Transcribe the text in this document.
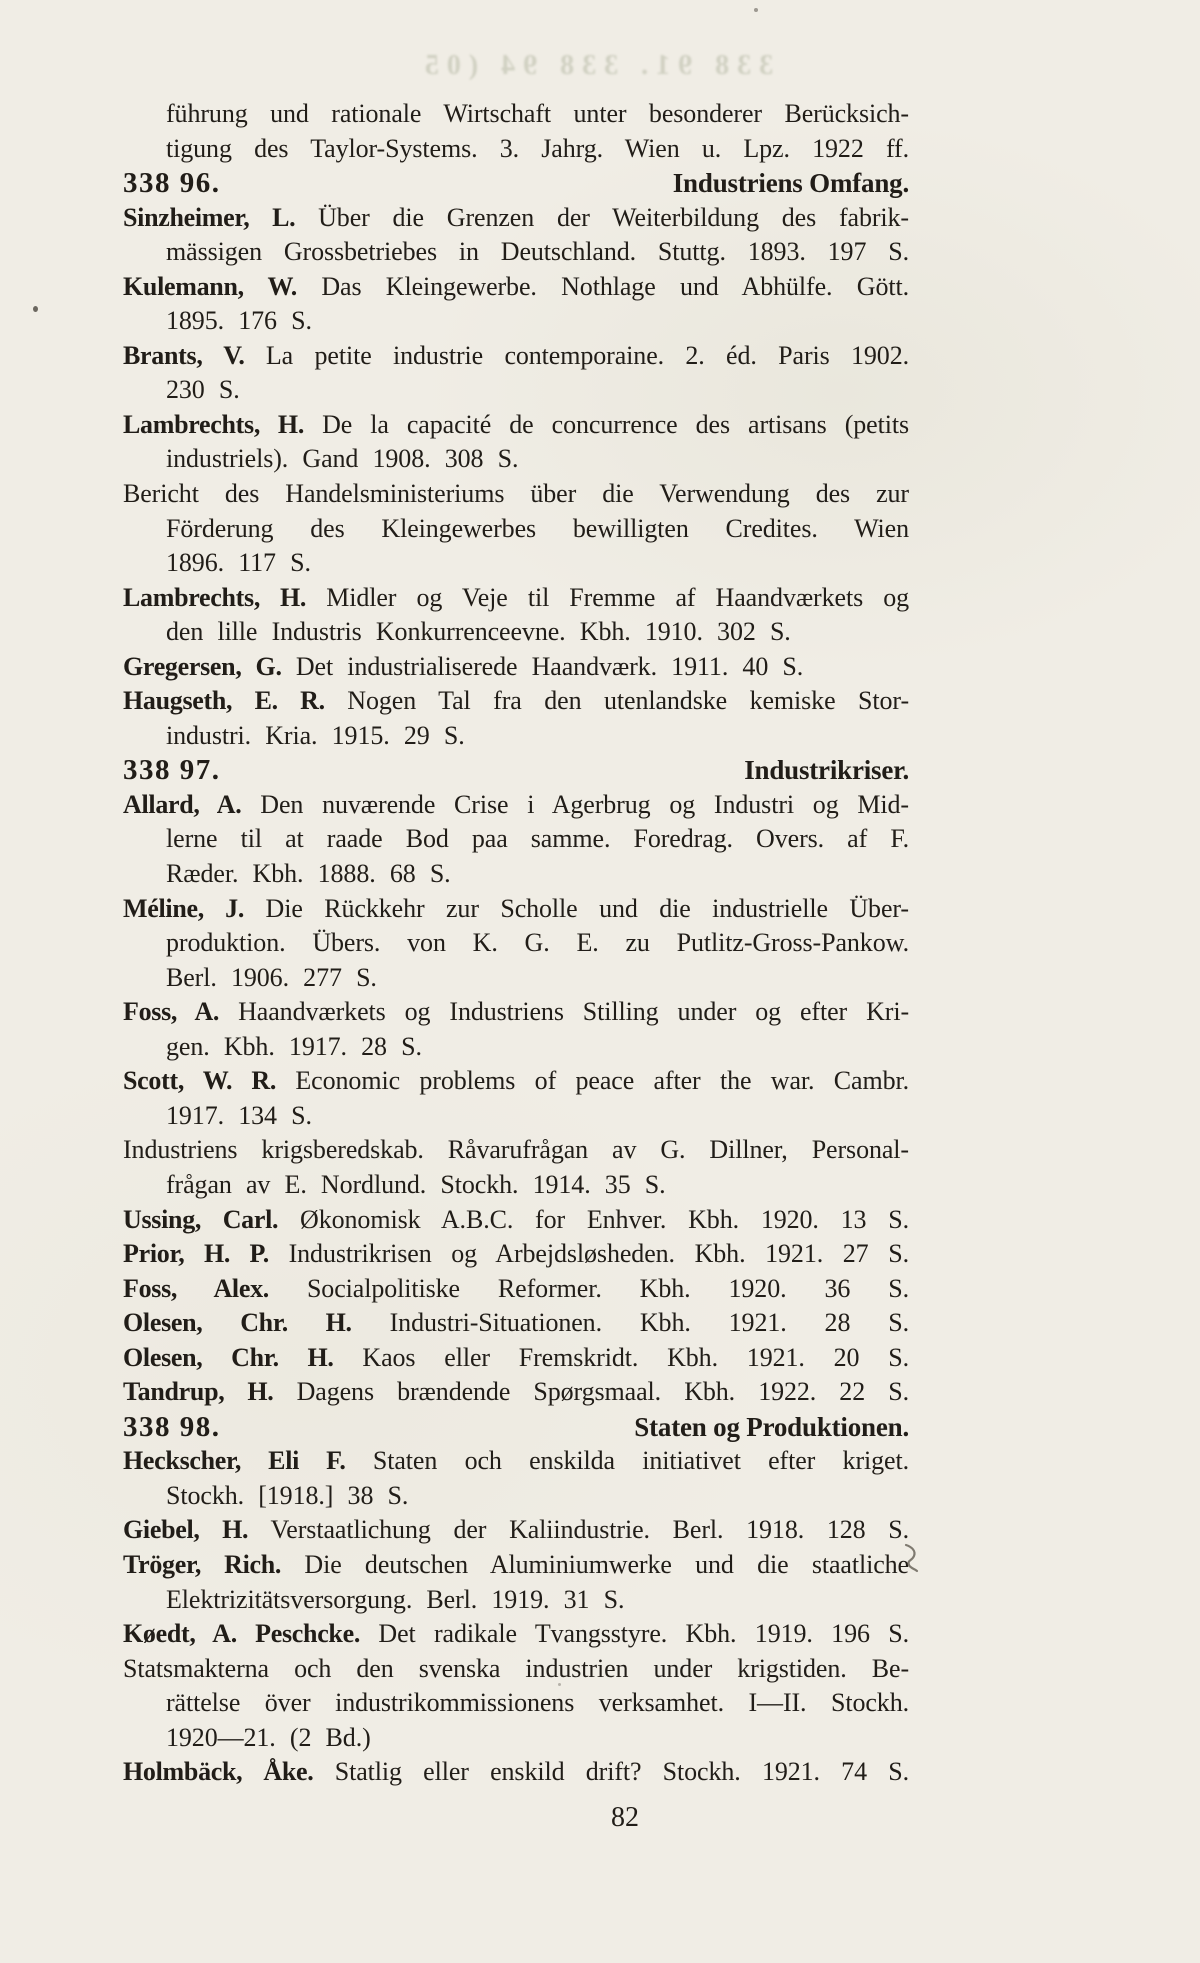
338 91. 338 94 (05
führung und rationale Wirtschaft unter besonderer Berücksich-
tigung des Taylor-Systems. 3. Jahrg. Wien u. Lpz. 1922 ff.
338 96.	Industriens Omfang.
Sinzheimer, L. Über die Grenzen der Weiterbildung des fabrik-
mässigen Grossbetriebes in Deutschland. Stuttg. 1893. 197 S.
Kulemann, W. Das Kleingewerbe. Nothlage und Abhülfe. Gött.
1895. 176 S.
Brants, V. La petite industrie contemporaine. 2. éd. Paris 1902.
230 S.
Lambrechts, H. De la capacité de concurrence des artisans (petits
industriels). Gand 1908. 308 S.
Bericht des Handelsministeriums über die Verwendung des zur
Förderung des Kleingewerbes bewilligten Credites. Wien
1896. 117 S.
Lambrechts, H. Midler og Veje til Fremme af Haandværkets og
den lille Industris Konkurrenceevne. Kbh. 1910. 302 S.
Gregersen, G. Det industrialiserede Haandværk. 1911. 40 S.
Haugseth, E. R. Nogen Tal fra den utenlandske kemiske Stor-
industri. Kria. 1915. 29 S.
338 97.	Industrikriser.
Allard, A. Den nuværende Crise i Agerbrug og Industri og Mid-
lerne til at raade Bod paa samme. Foredrag. Overs. af F.
Ræder. Kbh. 1888. 68 S.
Méline, J. Die Rückkehr zur Scholle und die industrielle Über-
produktion. Übers. von K. G. E. zu Putlitz-Gross-Pankow.
Berl. 1906. 277 S.
Foss, A. Haandværkets og Industriens Stilling under og efter Kri-
gen. Kbh. 1917. 28 S.
Scott, W. R. Economic problems of peace after the war. Cambr.
1917. 134 S.
Industriens krigsberedskab. Råvarufrågan av G. Dillner, Personal-
frågan av E. Nordlund. Stockh. 1914. 35 S.
Ussing, Carl. Økonomisk A.B.C. for Enhver. Kbh. 1920. 13 S.
Prior, H. P. Industrikrisen og Arbejdsløsheden. Kbh. 1921. 27 S.
Foss, Alex. Socialpolitiske Reformer. Kbh. 1920. 36 S.
Olesen, Chr. H. Industri-Situationen. Kbh. 1921. 28 S.
Olesen, Chr. H. Kaos eller Fremskridt. Kbh. 1921. 20 S.
Tandrup, H. Dagens brændende Spørgsmaal. Kbh. 1922. 22 S.
338 98.	Staten og Produktionen.
Heckscher, Eli F. Staten och enskilda initiativet efter kriget.
Stockh. [1918.] 38 S.
Giebel, H. Verstaatlichung der Kaliindustrie. Berl. 1918. 128 S.
Tröger, Rich. Die deutschen Aluminiumwerke und die staatliche
Elektrizitätsversorgung. Berl. 1919. 31 S.
Køedt, A. Peschcke. Det radikale Tvangsstyre. Kbh. 1919. 196 S.
Statsmakterna och den svenska industrien under krigstiden. Be-
rättelse över industrikommissionens verksamhet. I—II. Stockh.
1920—21. (2 Bd.)
Holmbäck, Åke. Statlig eller enskild drift? Stockh. 1921. 74 S.
82
